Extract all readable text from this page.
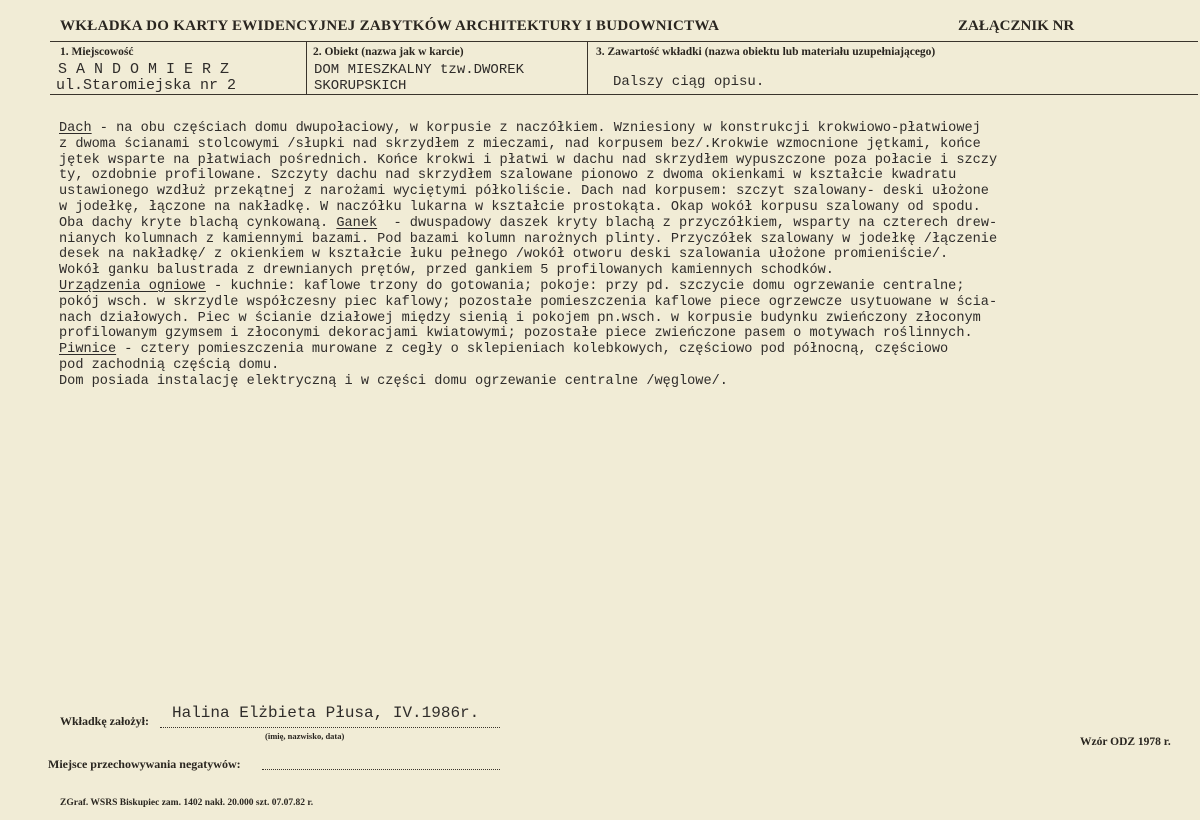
WKŁADKA DO KARTY EWIDENCYJNEJ ZABYTKÓW ARCHITEKTURY I BUDOWNICTWA	ZAŁĄCZNIK NR
1. Miejscowość
S A N D O M I E R Z
ul.Staromiejska nr 2
2. Obiekt (nazwa jak w karcie)
DOM MIESZKALNY tzw.DWOREK
SKORUPSKICH
3. Zawartość wkładki (nazwa obiektu lub materiału uzupełniającego)
Dalszy ciąg opisu.
Dach - na obu częściach domu dwupołaciowy, w korpusie z naczółkiem. Wzniesiony w konstrukcji krokwiowo-płatwiowej
z dwoma ścianami stolcowymi /słupki nad skrzydłem z mieczami, nad korpusem bez/.Krokwie wzmocnione jętkami, końce
jętek wsparte na płatwiach pośrednich. Końce krokwi i płatwi w dachu nad skrzydłem wypuszczone poza połacie i szczy
ty, ozdobnie profilowane. Szczyty dachu nad skrzydłem szalowane pionowo z dwoma okienkami w kształcie kwadratu
ustawionego wzdłuż przekątnej z narożami wyciętymi półkoliście. Dach nad korpusem: szczyt szalowany- deski ułożone
w jodełkę, łączone na nakładkę. W naczółku lukarna w kształcie prostokąta. Okap wokół korpusu szalowany od spodu.
Oba dachy kryte blachą cynkowaną. Ganek  - dwuspadowy daszek kryty blachą z przyczółkiem, wsparty na czterech drew-
nianych kolumnach z kamiennymi bazami. Pod bazami kolumn narożnych plinty. Przyczółek szalowany w jodełkę /łączenie
desek na nakładkę/ z okienkiem w kształcie łuku pełnego /wokół otworu deski szalowania ułożone promieniście/.
Wokół ganku balustrada z drewnianych prętów, przed gankiem 5 profilowanych kamiennych schodków.
Urządzenia ogniowe - kuchnie: kaflowe trzony do gotowania; pokoje: przy pd. szczycie domu ogrzewanie centralne;
pokój wsch. w skrzydle współczesny piec kaflowy; pozostałe pomieszczenia kaflowe piece ogrzewcze usytuowane w ścia-
nach działowych. Piec w ścianie działowej między sienią i pokojem pn.wsch. w korpusie budynku zwieńczony złoconym
profilowanym gzymsem i złoconymi dekoracjami kwiatowymi; pozostałe piece zwieńczone pasem o motywach roślinnych.
Piwnice - cztery pomieszczenia murowane z cegły o sklepieniach kolebkowych, częściowo pod północną, częściowo
pod zachodnią częścią domu.
Dom posiada instalację elektryczną i w części domu ogrzewanie centralne /węglowe/.
Wkładkę założył: Halina Elżbieta Płusa, IV.1986r.
(imię, nazwisko, data)
Miejsce przechowywania negatywów:
Wzór ODZ 1978 r.
ZGraf. WSRS Biskupiec zam. 1402 nakł. 20.000 szt. 07.07.82 r.
